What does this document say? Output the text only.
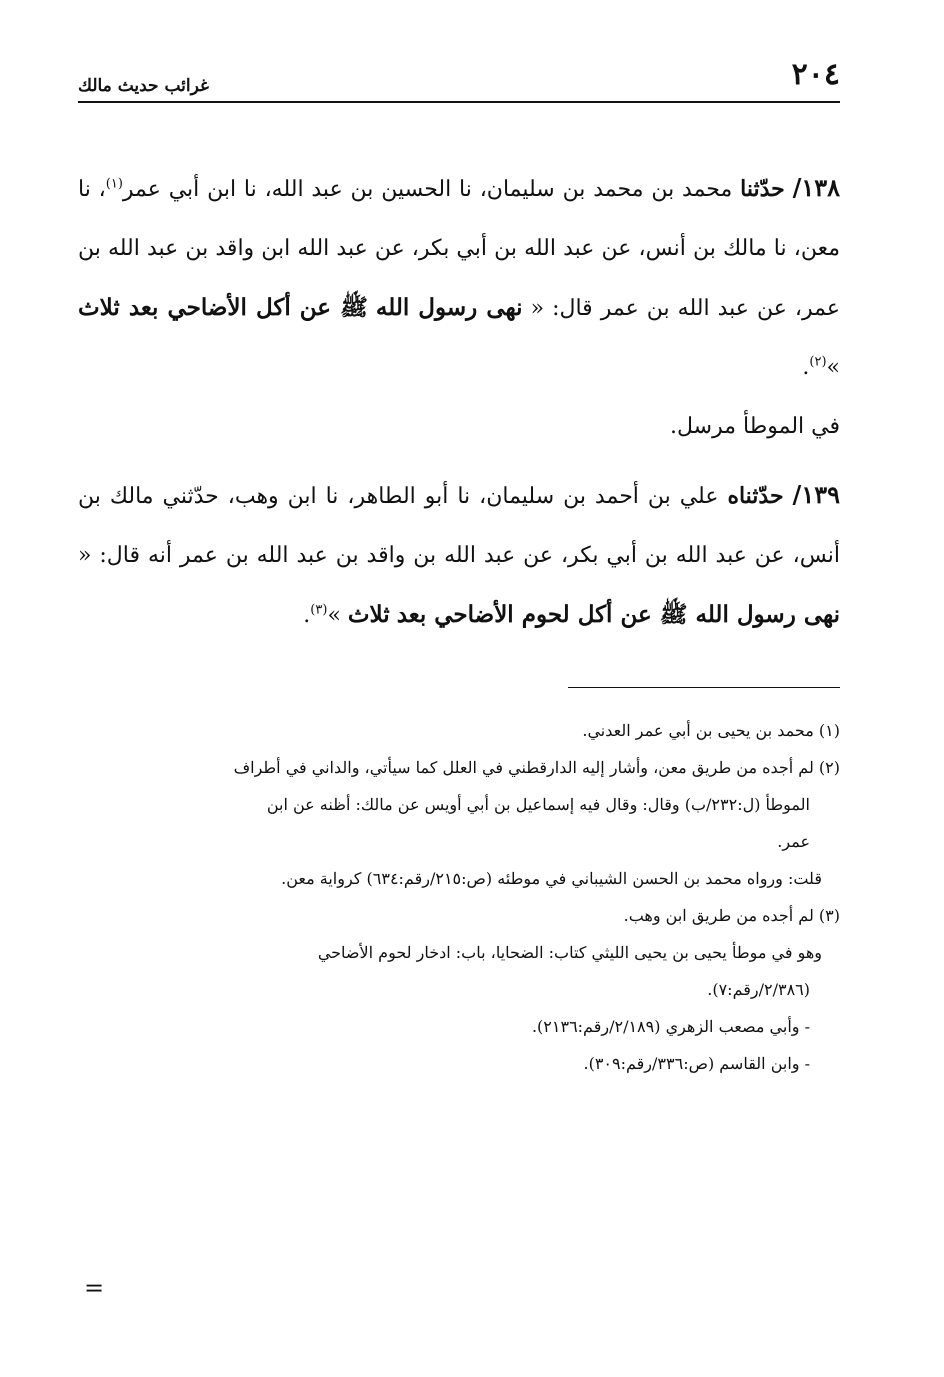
٢٠٤
غرائب حديث مالك

١٣٨/ حدّثنا محمد بن محمد بن سليمان، نا الحسين بن عبد الله، نا ابن أبي عمر$^{(١)}$، نا معن، نا مالك بن أنس، عن عبد الله بن أبي بكر، عن عبد الله ابن واقد بن عبد الله بن عمر، عن عبد الله بن عمر قال: « نهى رسول الله ﷺ عن أكل الأضاحي بعد ثلاث »$^{(٢)}$.

في الموطأ مرسل.

١٣٩/ حدّثناه علي بن أحمد بن سليمان، نا أبو الطاهر، نا ابن وهب، حدّثني مالك بن أنس، عن عبد الله بن أبي بكر، عن عبد الله بن واقد بن عبد الله بن عمر أنه قال: « نهى رسول الله ﷺ عن أكل لحوم الأضاحي بعد ثلاث »$^{(٣)}$.

(١) محمد بن يحيى بن أبي عمر العدني.

(٢) لم أجده من طريق معن، وأشار إليه الدارقطني في العلل كما سيأتي، والداني في أطراف

الموطأ (ل:٢٣٢/ب) وقال: وقال فيه إسماعيل بن أبي أويس عن مالك: أظنه عن ابن

عمر.

قلت: ورواه محمد بن الحسن الشيباني في موطئه (ص:٢١٥/رقم:٦٣٤) كرواية معن.

(٣) لم أجده من طريق ابن وهب.

وهو في موطأ يحيى بن يحيى الليثي كتاب: الضحايا، باب: ادخار لحوم الأضاحي

(٢/٣٨٦/رقم:٧).

- وأبي مصعب الزهري (٢/١٨٩/رقم:٢١٣٦).

- وابن القاسم (ص:٣٣٦/رقم:٣٠٩).

=
